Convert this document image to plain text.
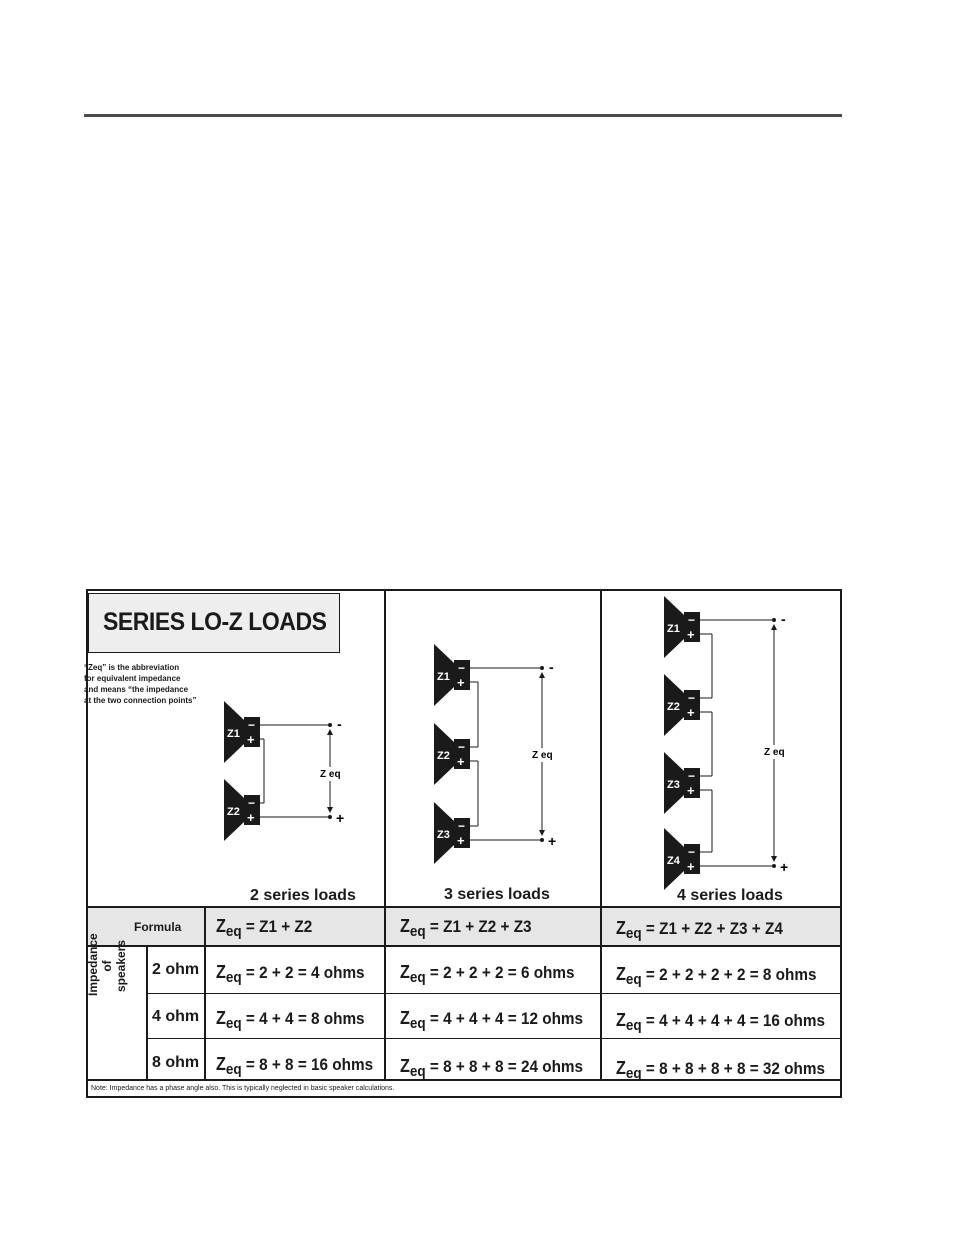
SERIES LO-Z LOADS
“Zeq” is the abbreviation
for equivalent impedance
and means “the impedance
at the two connection points”
Z1
−
+
Z2
−
+
-
+
Z eq
Z1
−
+
Z2
−
+
Z3
−
+
-
+
Z eq
Z1
−
+
Z2
−
+
Z3
−
+
Z4
−
+
-
+
Z eq
2 series loads	3 series loads	4 series loads
Formula
Impedance of speakers 2 ohm
4 ohm
8 ohm
Zeq = Z1 + Z2	Zeq = Z1 + Z2 + Z3	Zeq = Z1 + Z2 + Z3 + Z4
Zeq = 2 + 2 = 4 ohms Zeq = 2 + 2 + 2 = 6 ohms Zeq = 2 + 2 + 2 + 2 = 8 ohms
Zeq = 4 + 4 = 8 ohms Zeq = 4 + 4 + 4 = 12 ohms Zeq = 4 + 4 + 4 + 4 = 16 ohms
Zeq = 8 + 8 = 16 ohms Zeq = 8 + 8 + 8 = 24 ohms Zeq = 8 + 8 + 8 + 8 = 32 ohms
Note: Impedance has a phase angle also. This is typically neglected in basic speaker calculations.
